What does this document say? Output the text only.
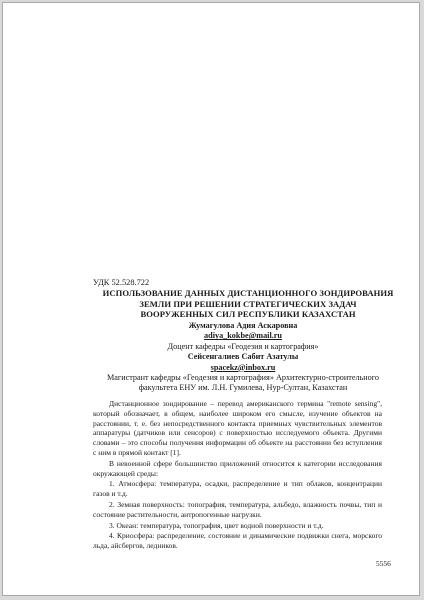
УДК 52.528.722
ИСПОЛЬЗОВАНИЕ ДАННЫХ ДИСТАНЦИОННОГО ЗОНДИРОВАНИЯ
ЗЕМЛИ ПРИ РЕШЕНИИ СТРАТЕГИЧЕСКИХ ЗАДАЧ
ВООРУЖЕННЫХ СИЛ РЕСПУБЛИКИ КАЗАХСТАН
Жумагулова Адия Аскаровна
adiya_kokbe@mail.ru
Доцент кафедры «Геодезия и картография»
Сейсенгалиев Сабит Азатулы
spacekz@inbox.ru
Магистрант кафедры «Геодезия и картография» Архитектурно-строительного
факультета ЕНУ им. Л.Н. Гумилева, Нур-Султан, Казахстан

Дистанционное зондирование – перевод американского термина "remote sensing", который обозначает, в общем, наиболее широком его смысле, изучение объектов на расстоянии, т. е. без непосредственного контакта приемных чувствительных элементов аппаратуры (датчиков или сенсоров) с поверхностью исследуемого объекта. Другими словами – это способы получения информации об объекте на расстоянии без вступления с ним в прямой контакт [1].

В невоенной сфере большинство приложений относится к категории исследования окружающей среды:

1. Атмосфера: температура, осадки, распределение и тип облаков, концентрации газов и т.д.

2. Земная поверхность: топография, температура, альбедо, влажность почвы, тип и состояние растительности, антропогенные нагрузки.

3. Океан: температура, топография, цвет водной поверхности и т.д.

4. Криосфера: распределение, состояние и динамические подвижки снега, морского льда, айсбергов, ледников.

5556
